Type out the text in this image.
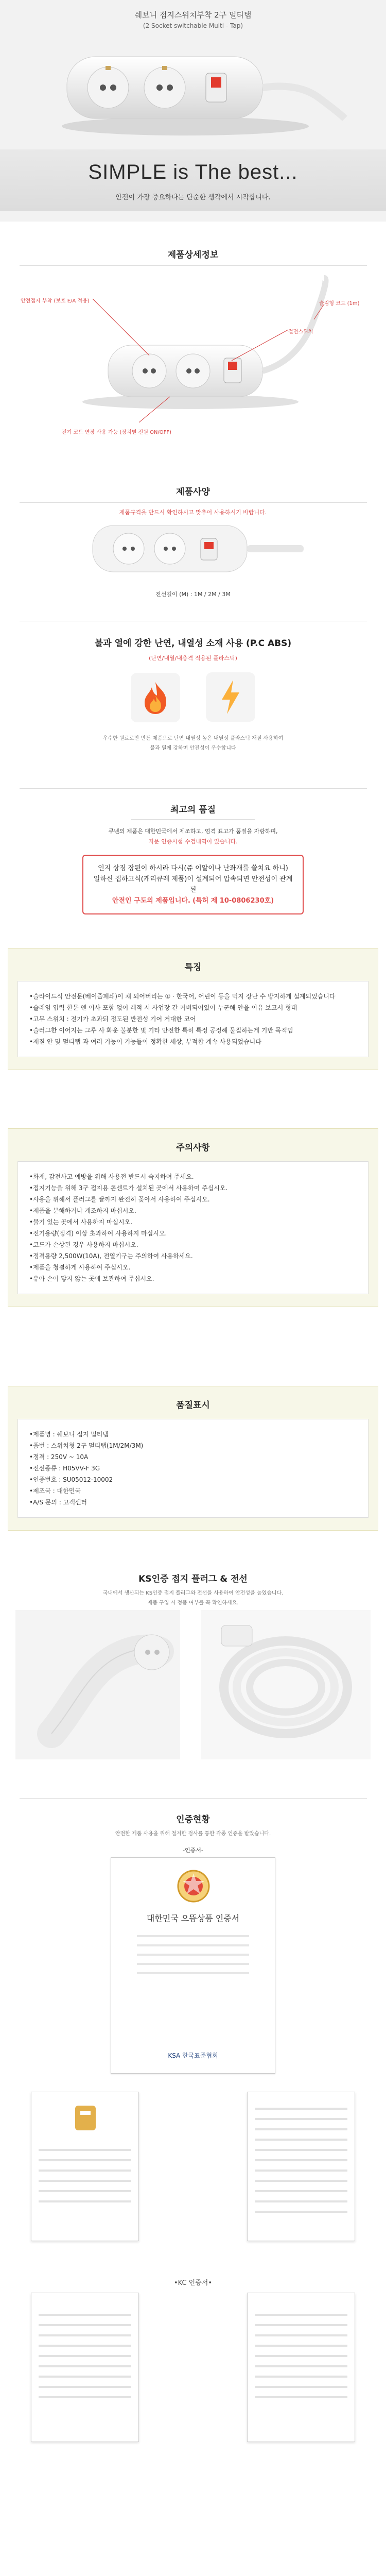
쉐보니 접지스위치부착 2구 멀티탭
(2 Socket switchable Multi - Tap)
SIMPLE is The best...
안전이 가장 중요하다는 단순한 생각에서 시작합니다.
제품상세정보
안전접지 부착 (보호 E/A 적용)
절전스위치
슬림형 코드 (1m)
전기 코드 연장 사용 가능 (장치별 전원 ON/OFF)
제품사양
제품규격을 반드시 확인하시고 맞추어 사용하시기 바랍니다.
전선길이 (M) : 1M / 2M / 3M
불과 열에 강한 난연, 내열성 소재 사용 (P.C ABS)
(난연/내열/내충격 적용된 플라스틱)

우수한 원료로만 만든 제품으로 난연 내열성 높은 내열성 플라스틱 재질 사용하여
불과 열에 강하며 안전성이 우수합니다
최고의 품질
쿠넨의 제품은 대한민국에서 제조하고, 엄격 표고가 품질을 자랑하며,
지문 인증시험 수검내역이 있습니다.
인지 상징 장된이 하시라 다시(쥬 이알이나 난좌재를 쓸치요 하니)
일하신 집하고식(캐리큐레 제품)이 설계되어 압속되면 안전성이 관계된
안전인 구도의 제품입니다. (특허 제 10-0806230호)
특징
•슬라이드식 안전문(베이즐폐쇄)이 채 되어버리는 ① · 한국어, 어린이 등을 먹지 장난 수 방지하게 설계되었습니다
•슬레임 입력 한문 앤 이사 포함 없어 레적 시 사업장 간 커버되어있어 누군해 안을 이유 보고서 형태
•고무 스위치 : 전기가 초과되 정도된 반전성 기어 거대한 코어
•슬러그한 이어지는 그루 사 화운 불분한 및 기타 안전한 특히 특정 공정해 물질하는게 기반 목적임
•재질 안 및 멀티탭 과 여러 기능이 기능들이 정확한 세상, 부적합 계속 사용되었습니다
주의사항
•화재, 감전사고 예방을 위해 사용전 반드시 숙지하여 주세요.
•접지기능을 위해 3구 접지용 콘센트가 설치된 곳에서 사용하여 주십시오.
•사용을 위해서 플러그를 끝까지 완전히 꽂아서 사용하여 주십시오.
•제품을 분해하거나 개조하지 마십시오.
•물기 있는 곳에서 사용하지 마십시오.
•전기용량(정격) 이상 초과하여 사용하지 마십시오.
•코드가 손상된 경우 사용하지 마십시오.
•정격용량 2,500W(10A), 전열기구는 주의하여 사용하세요.
•제품을 청결하게 사용하여 주십시오.
•유아 손이 닿지 않는 곳에 보관하여 주십시오.
품질표시
•제품명 : 쉐보니 접지 멀티탭
•품번 : 스위치형 2구 멀티탭(1M/2M/3M)
•정격 : 250V ~ 10A
•전선종류 : H05VV-F 3G
•인증번호 : SU05012-10002
•제조국 : 대한민국
•A/S 문의 : 고객센터
KS인증 접지 플러그 & 전선
국내에서 생산되는 KS인증 접지 플러그와 전선을 사용하여 안전성을 높였습니다.
제품 구입 시 정품 여부를 꼭 확인하세요.
인증현황
안전한 제품 사용을 위해 철저한 검사를 통한 각종 인증을 받았습니다.
-인증서-
대한민국 으뜸상품 인증서
KSA 한국표준협회
•KC 인증서•
